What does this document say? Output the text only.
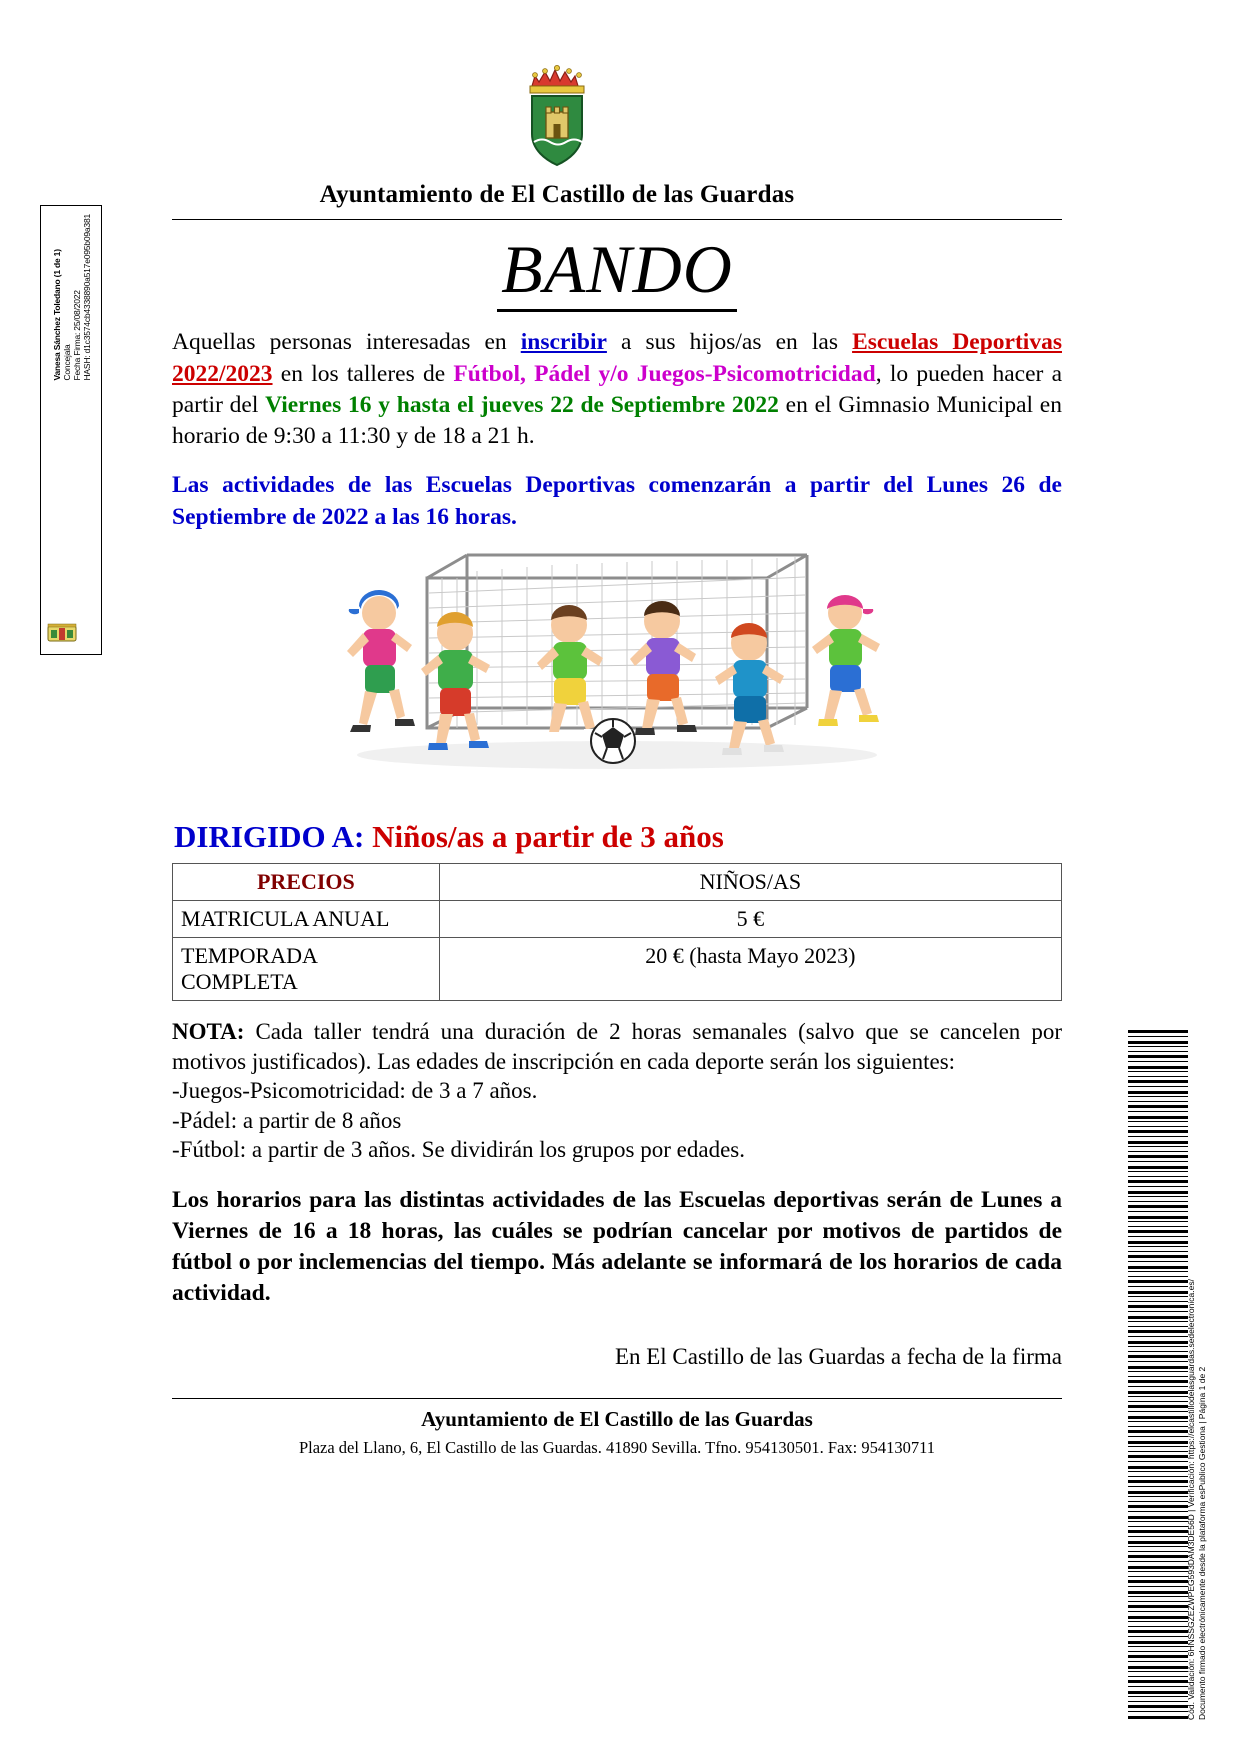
Vanesa Sánchez Toledano (1 de 1) Concejala Fecha Firma: 25/08/2022 HASH: d1c3574cb4338890a517e095b09a381
Cód. Validación: 6HNSSGZEZWPEG593DAM3DE56D | Verificación: https://elcastillodelasguardas.sedelectronica.es/ Documento firmado electrónicamente desde la plataforma esPublico Gestiona | Página 1 de 2
Ayuntamiento de El Castillo de las Guardas
BANDO

Aquellas personas interesadas en inscribir a sus hijos/as en las Escuelas Deportivas 2022/2023 en los talleres de Fútbol, Pádel y/o Juegos-Psicomotricidad, lo pueden hacer a partir del Viernes 16 y hasta el jueves 22 de Septiembre 2022 en el Gimnasio Municipal en horario de 9:30 a 11:30 y de 18 a 21 h.

Las actividades de las Escuelas Deportivas comenzarán a partir del Lunes 26 de Septiembre de 2022 a las 16 horas.

DIRIGIDO A: Niños/as a partir de 3 años
PRECIOS	NIÑOS/AS
MATRICULA ANUAL	5 €
TEMPORADA COMPLETA	20 € (hasta Mayo 2023)

NOTA: Cada taller tendrá una duración de 2 horas semanales (salvo que se cancelen por motivos justificados). Las edades de inscripción en cada deporte serán los siguientes:

-Juegos-Psicomotricidad: de 3 a 7 años.

-Pádel: a partir de 8 años

-Fútbol: a partir de 3 años. Se dividirán los grupos por edades.

Los horarios para las distintas actividades de las Escuelas deportivas serán de Lunes a Viernes de 16 a 18 horas, las cuáles se podrían cancelar por motivos de partidos de fútbol o por inclemencias del tiempo. Más adelante se informará de los horarios de cada actividad.

En El Castillo de las Guardas a fecha de la firma

Ayuntamiento de El Castillo de las Guardas
Plaza del Llano, 6, El Castillo de las Guardas. 41890 Sevilla. Tfno. 954130501. Fax: 954130711
